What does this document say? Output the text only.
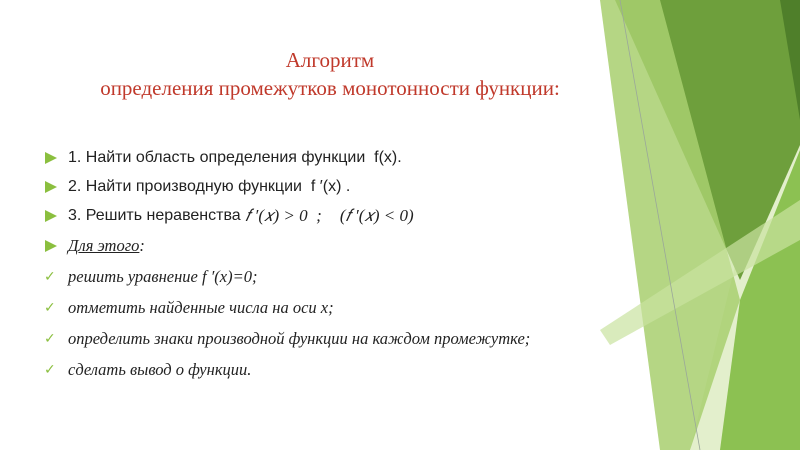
Алгоритм
определения промежутков монотонности функции:
1. Найти область определения функции  f(x).
2. Найти производную функции  f ′(x) .
3. Решить неравенства 𝑓 ′(𝑥) > 0  ; (𝑓 ′(𝑥) < 0)
Для этого :
✓ решить уравнение f ′(x)=0;
✓ отметить найденные числа на оси x;
✓ определить знаки производной функции на каждом промежутке;
✓ сделать вывод о функции.
